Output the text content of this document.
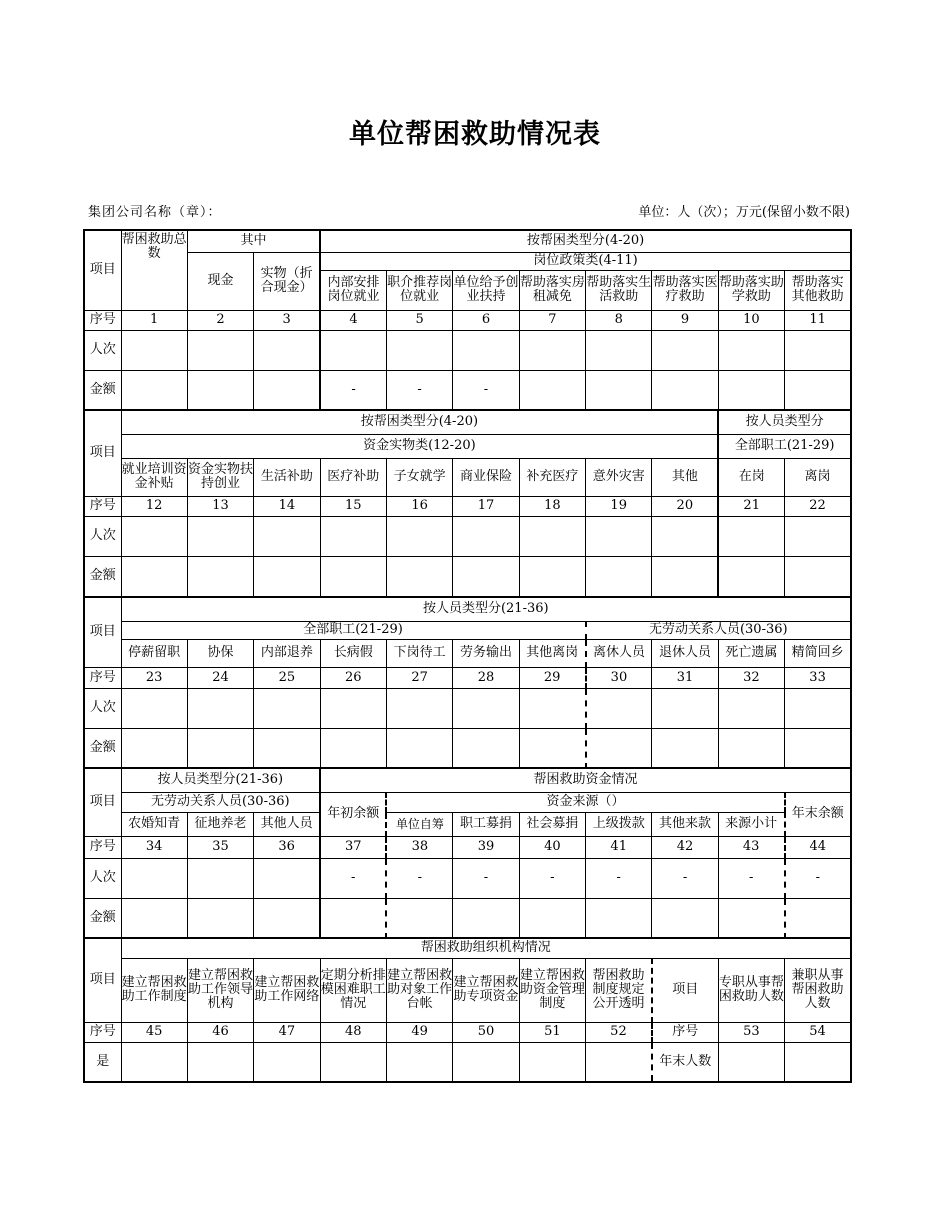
单位帮困救助情况表
集团公司名称（章）：	单位：人（次）；万元(保留小数不限)
项目	帮困救助总数	其中		按帮困类型分(4-20)							
		现金	实物（折合现金）	岗位政策类(4-11)							
				内部安排岗位就业	职介推荐岗位就业	单位给予创业扶持	帮助落实房租减免	帮助落实生活救助	帮助落实医疗救助	帮助落实助学救助	帮助落实其他救助
序号	1	2	3	4	5	6	7	8	9	10	11
人次											
金额				-	-	-					
项目	按帮困类型分(4-20)									按人员类型分	
	资金实物类(12-20)									全部职工(21-29)	
	就业培训资金补贴	资金实物扶持创业	生活补助	医疗补助	子女就学	商业保险	补充医疗	意外灾害	其他	在岗	离岗
序号	12	13	14	15	16	17	18	19	20	21	22
人次											
金额											
项目	按人员类型分(21-36)										
	全部职工(21-29)							无劳动关系人员(30-36)			
	停薪留职	协保	内部退养	长病假	下岗待工	劳务输出	其他离岗	离休人员	退休人员	死亡遗属	精简回乡
序号	23	24	25	26	27	28	29	30	31	32	33
人次											
金额											
项目	按人员类型分(21-36)			帮困救助资金情况							
	无劳动关系人员(30-36)			年初余额	资金来源（）						年末余额
	农婚知青	征地养老	其他人员		单位自筹	职工募捐	社会募捐	上级拨款	其他来款	来源小计	
序号	34	35	36	37	38	39	40	41	42	43	44
人次				-	-	-	-	-	-	-	-
金额											
项目	帮困救助组织机构情况										
	建立帮困救助工作制度	建立帮困救助工作领导机构	建立帮困救助工作网络	定期分析排模困难职工情况	建立帮困救助对象工作台帐	建立帮困救助专项资金	建立帮困救助资金管理制度	帮困救助制度规定公开透明	项目	专职从事帮困救助人数	兼职从事帮困救助人数
序号	45	46	47	48	49	50	51	52	序号	53	54
是									年末人数		
